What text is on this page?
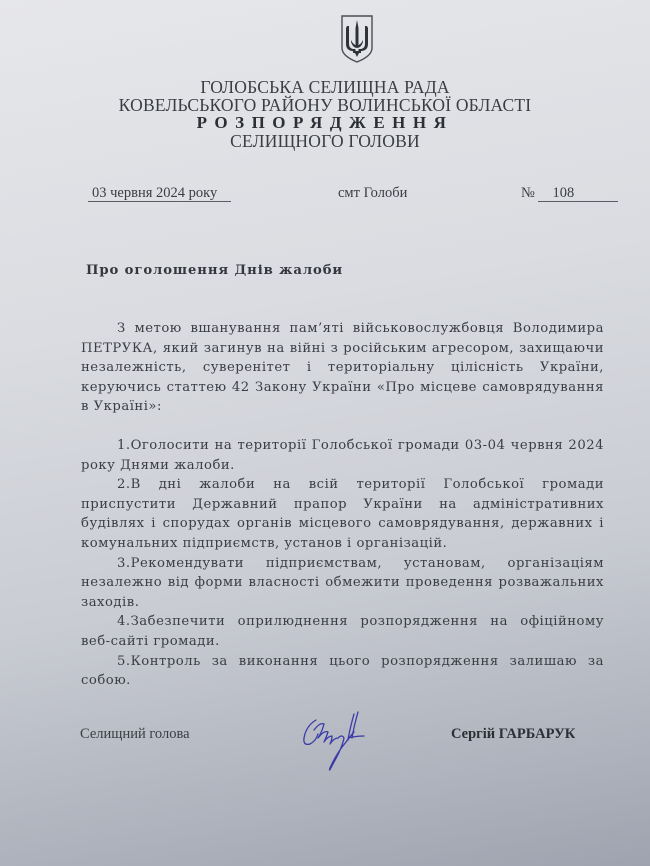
ГОЛОБСЬКА СЕЛИЩНА РАДА
КОВЕЛЬСЬКОГО РАЙОНУ ВОЛИНСЬКОЇ ОБЛАСТІ
РОЗПОРЯДЖЕННЯ
СЕЛИЩНОГО ГОЛОВИ
03 червня 2024 року	смт Голоби	№ 108
Про оголошення Днів жалоби

З метою вшанування пам’яті військовослужбовця Володимира ПЕТРУКА, який загинув на війні з російським агресором, захищаючи незалежність, суверенітет і територіальну цілісність України, керуючись статтею 42 Закону України «Про місцеве самоврядування в Україні»:

1.Оголосити на території Голобської громади 03-04 червня 2024 року Днями жалоби.

2.В дні жалоби на всій території Голобської громади приспустити Державний прапор України на адміністративних будівлях і спорудах органів місцевого самоврядування, державних і комунальних підприємств, установ і організацій.

3.Рекомендувати підприємствам, установам, організаціям незалежно від форми власності обмежити проведення розважальних заходів.

4.Забезпечити оприлюднення розпорядження на офіційному веб-сайті громади.

5.Контроль за виконання цього розпорядження залишаю за собою.

Селищний голова	Сергій ГАРБАРУК
